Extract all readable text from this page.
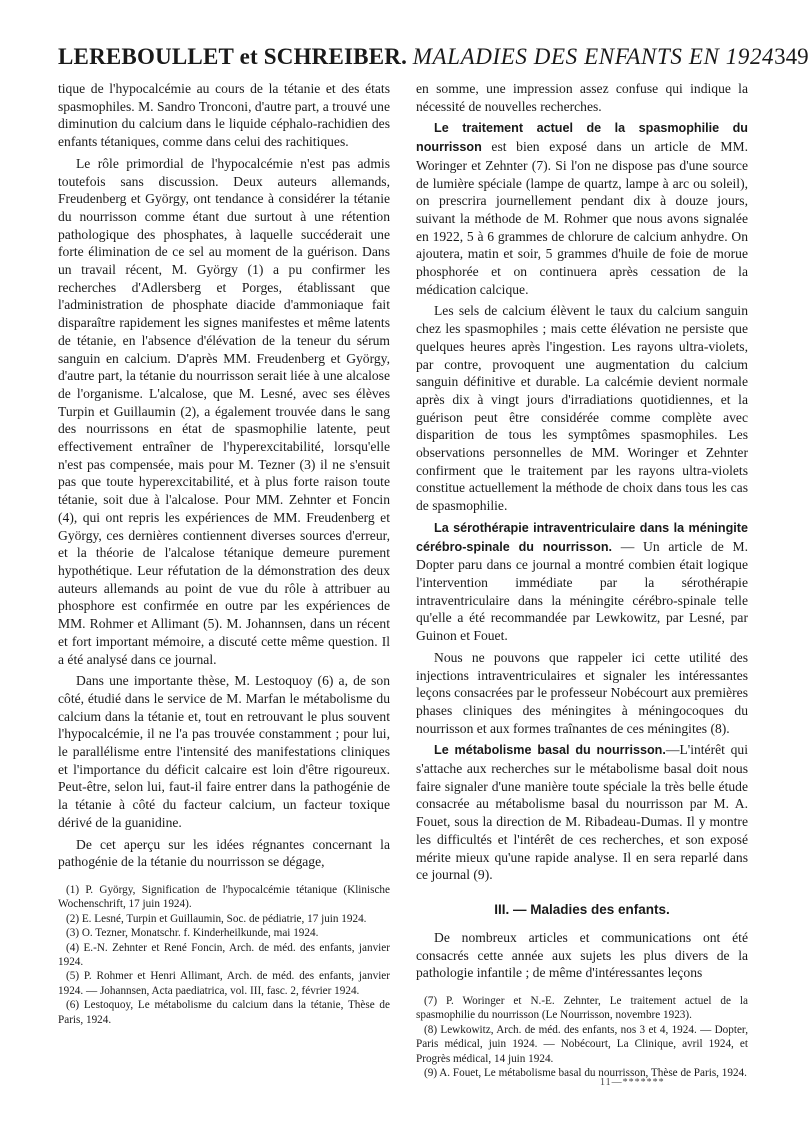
LEREBOULLET et SCHREIBER. MALADIES DES ENFANTS EN 1924 349

tique de l'hypocalcémie au cours de la tétanie et des états spasmophiles. M. Sandro Tronconi, d'autre part, a trouvé une diminution du calcium dans le liquide céphalo-rachidien des enfants tétaniques, comme dans celui des rachitiques.

Le rôle primordial de l'hypocalcémie n'est pas admis toutefois sans discussion. Deux auteurs allemands, Freudenberg et György, ont tendance à considérer la tétanie du nourrisson comme étant due surtout à une rétention pathologique des phosphates, à laquelle succéderait une forte élimination de ce sel au moment de la guérison. Dans un travail récent, M. György (1) a pu confirmer les recherches d'Adlersberg et Porges, établissant que l'administration de phosphate diacide d'ammoniaque fait disparaître rapidement les signes manifestes et même latents de tétanie, en l'absence d'élévation de la teneur du sérum sanguin en calcium. D'après MM. Freudenberg et György, d'autre part, la tétanie du nourrisson serait liée à une alcalose de l'organisme. L'alcalose, que M. Lesné, avec ses élèves Turpin et Guillaumin (2), a également trouvée dans le sang des nourrissons en état de spasmophilie latente, peut effectivement entraîner de l'hyperexcitabilité, lorsqu'elle n'est pas compensée, mais pour M. Tezner (3) il ne s'ensuit pas que toute hyperexcitabilité, et à plus forte raison toute tétanie, soit due à l'alcalose. Pour MM. Zehnter et Foncin (4), qui ont repris les expériences de MM. Freudenberg et György, ces dernières contiennent diverses sources d'erreur, et la théorie de l'alcalose tétanique demeure purement hypothétique. Leur réfutation de la démonstration des deux auteurs allemands au point de vue du rôle à attribuer au phosphore est confirmée en outre par les expériences de MM. Rohmer et Allimant (5). M. Johannsen, dans un récent et fort important mémoire, a discuté cette même question. Il a été analysé dans ce journal.

Dans une importante thèse, M. Lestoquoy (6) a, de son côté, étudié dans le service de M. Marfan le métabolisme du calcium dans la tétanie et, tout en retrouvant le plus souvent l'hypocalcémie, il ne l'a pas trouvée constamment ; pour lui, le parallélisme entre l'intensité des manifestations cliniques et l'importance du déficit calcaire est loin d'être rigoureux. Peut-être, selon lui, faut-il faire entrer dans la pathogénie de la tétanie à côté du facteur calcium, un facteur toxique dérivé de la guanidine.

De cet aperçu sur les idées régnantes concernant la pathogénie de la tétanie du nourrisson se dégage,

(1) P. György, Signification de l'hypocalcémie tétanique (Klinische Wochenschrift, 17 juin 1924).

(2) E. Lesné, Turpin et Guillaumin, Soc. de pédiatrie, 17 juin 1924.

(3) O. Tezner, Monatschr. f. Kinderheilkunde, mai 1924.

(4) E.-N. Zehnter et René Foncin, Arch. de méd. des enfants, janvier 1924.

(5) P. Rohmer et Henri Allimant, Arch. de méd. des enfants, janvier 1924. — Johannsen, Acta paediatrica, vol. III, fasc. 2, février 1924.

(6) Lestoquoy, Le métabolisme du calcium dans la tétanie, Thèse de Paris, 1924.

en somme, une impression assez confuse qui indique la nécessité de nouvelles recherches.

Le traitement actuel de la spasmophilie du nourrisson est bien exposé dans un article de MM. Woringer et Zehnter (7). Si l'on ne dispose pas d'une source de lumière spéciale (lampe de quartz, lampe à arc ou soleil), on prescrira journellement pendant dix à douze jours, suivant la méthode de M. Rohmer que nous avons signalée en 1922, 5 à 6 grammes de chlorure de calcium anhydre. On ajoutera, matin et soir, 5 grammes d'huile de foie de morue phosphorée et on continuera après cessation de la médication calcique.

Les sels de calcium élèvent le taux du calcium sanguin chez les spasmophiles ; mais cette élévation ne persiste que quelques heures après l'ingestion. Les rayons ultra-violets, par contre, provoquent une augmentation du calcium sanguin définitive et durable. La calcémie devient normale après dix à vingt jours d'irradiations quotidiennes, et la guérison peut être considérée comme complète avec disparition de tous les symptômes spasmophiles. Les observations personnelles de MM. Woringer et Zehnter confirment que le traitement par les rayons ultra-violets constitue actuellement la méthode de choix dans tous les cas de spasmophilie.

La sérothérapie intraventriculaire dans la méningite cérébro-spinale du nourrisson. — Un article de M. Dopter paru dans ce journal a montré combien était logique l'intervention immédiate par la sérothérapie intraventriculaire dans la méningite cérébro-spinale telle qu'elle a été recommandée par Lewkowitz, par Lesné, par Guinon et Fouet.

Nous ne pouvons que rappeler ici cette utilité des injections intraventriculaires et signaler les intéressantes leçons consacrées par le professeur Nobécourt aux premières phases cliniques des méningites à méningocoques du nourrisson et aux formes traînantes de ces méningites (8).

Le métabolisme basal du nourrisson.—L'intérêt qui s'attache aux recherches sur le métabolisme basal doit nous faire signaler d'une manière toute spéciale la très belle étude consacrée au métabolisme basal du nourrisson par M. A. Fouet, sous la direction de M. Ribadeau-Dumas. Il y montre les difficultés et l'intérêt de ces recherches, et son exposé mérite mieux qu'une rapide analyse. Il en sera reparlé dans ce journal (9).

III. — Maladies des enfants.

De nombreux articles et communications ont été consacrés cette année aux sujets les plus divers de la pathologie infantile ; de même d'intéressantes leçons

(7) P. Woringer et N.-E. Zehnter, Le traitement actuel de la spasmophilie du nourrisson (Le Nourrisson, novembre 1923).

(8) Lewkowitz, Arch. de méd. des enfants, nos 3 et 4, 1924. — Dopter, Paris médical, juin 1924. — Nobécourt, La Clinique, avril 1924, et Progrès médical, 14 juin 1924.

(9) A. Fouet, Le métabolisme basal du nourrisson, Thèse de Paris, 1924.

11—*******
